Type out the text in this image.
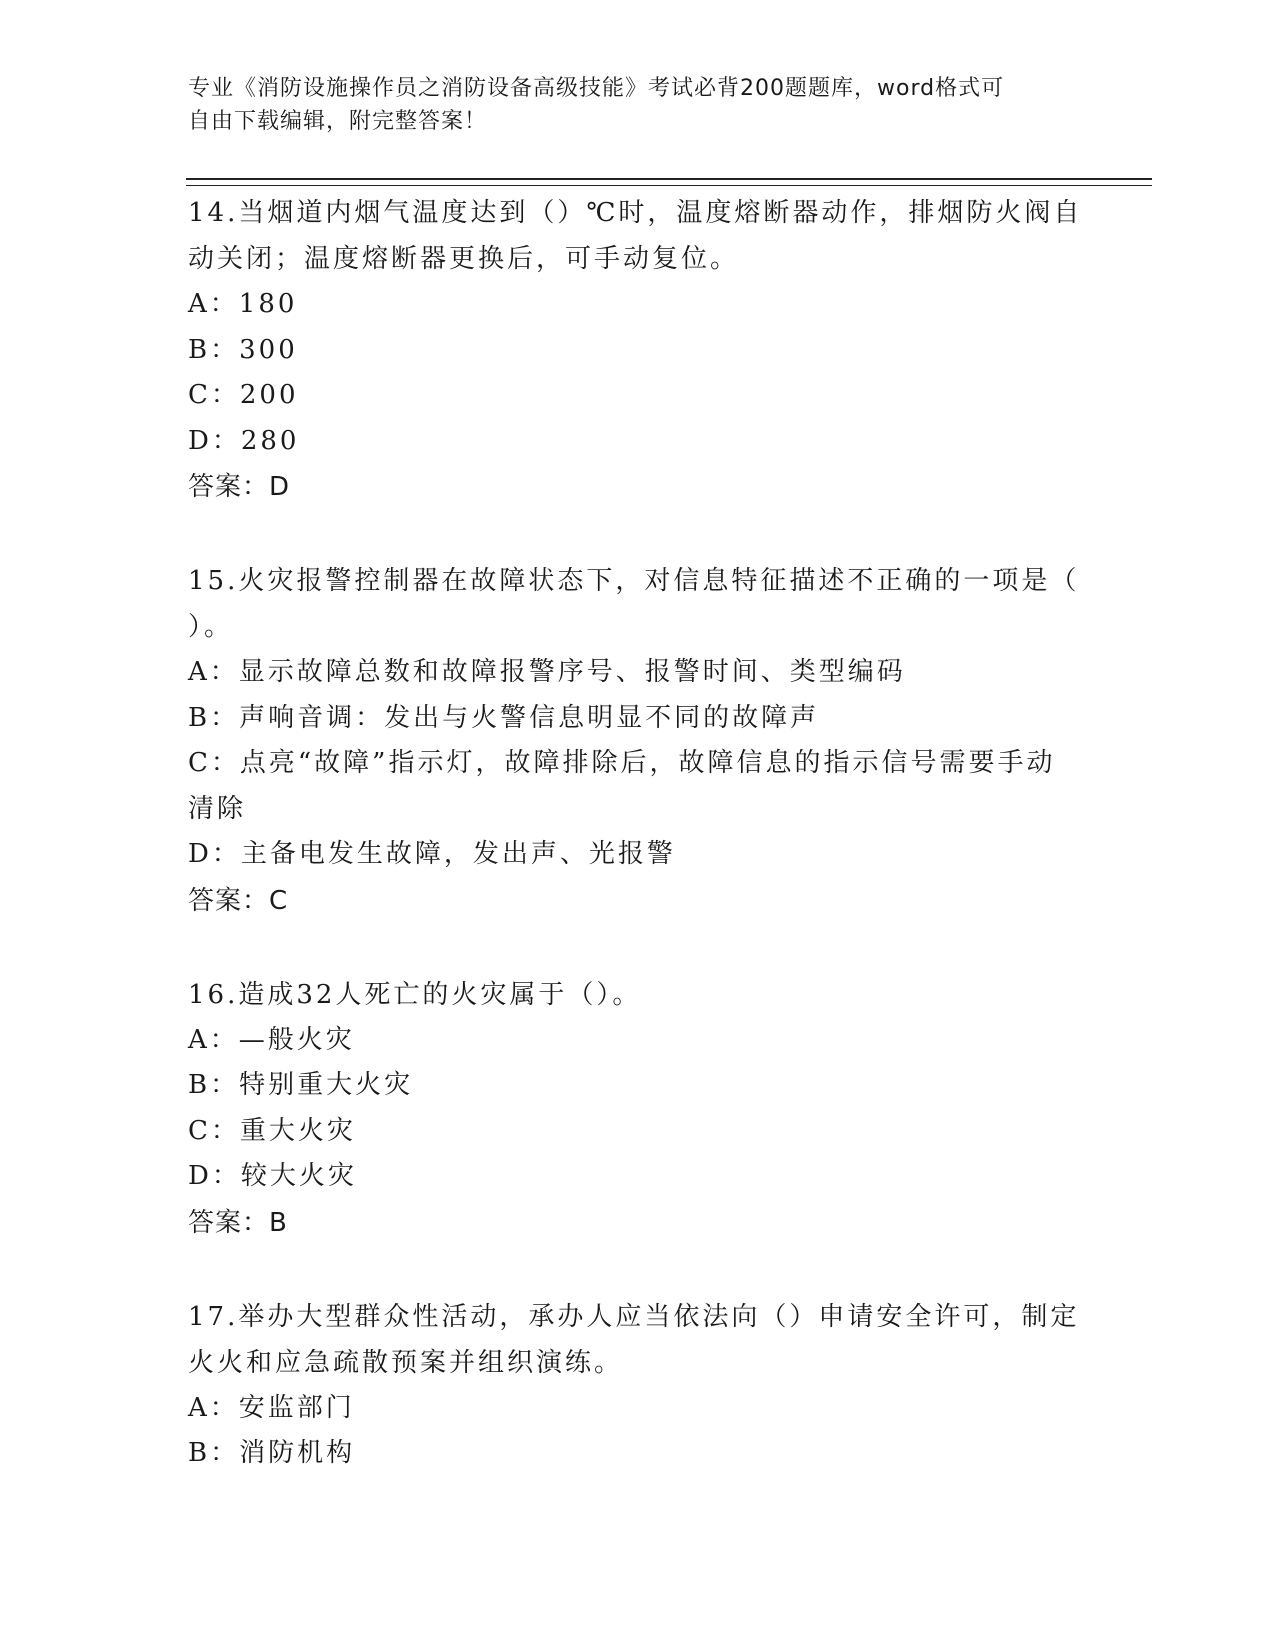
专业《消防设施操作员之消防设备高级技能》考试必背200题题库，word格式可
自由下载编辑，附完整答案！

14.当烟道内烟气温度达到（）℃时，温度熔断器动作，排烟防火阀自

动关闭；温度熔断器更换后，可手动复位。

A：180

B：300

C：200

D：280

答案：D

15.火灾报警控制器在故障状态下，对信息特征描述不正确的一项是（

）。

A：显示故障总数和故障报警序号、报警时间、类型编码

B：声响音调：发出与火警信息明显不同的故障声

C：点亮“故障”指示灯，故障排除后，故障信息的指示信号需要手动

清除

D：主备电发生故障，发出声、光报警

答案：C

16.造成32人死亡的火灾属于（）。

A：—般火灾

B：特别重大火灾

C：重大火灾

D：较大火灾

答案：B

17.举办大型群众性活动，承办人应当依法向（）申请安全许可，制定

火火和应急疏散预案并组织演练。

A：安监部门

B：消防机构
